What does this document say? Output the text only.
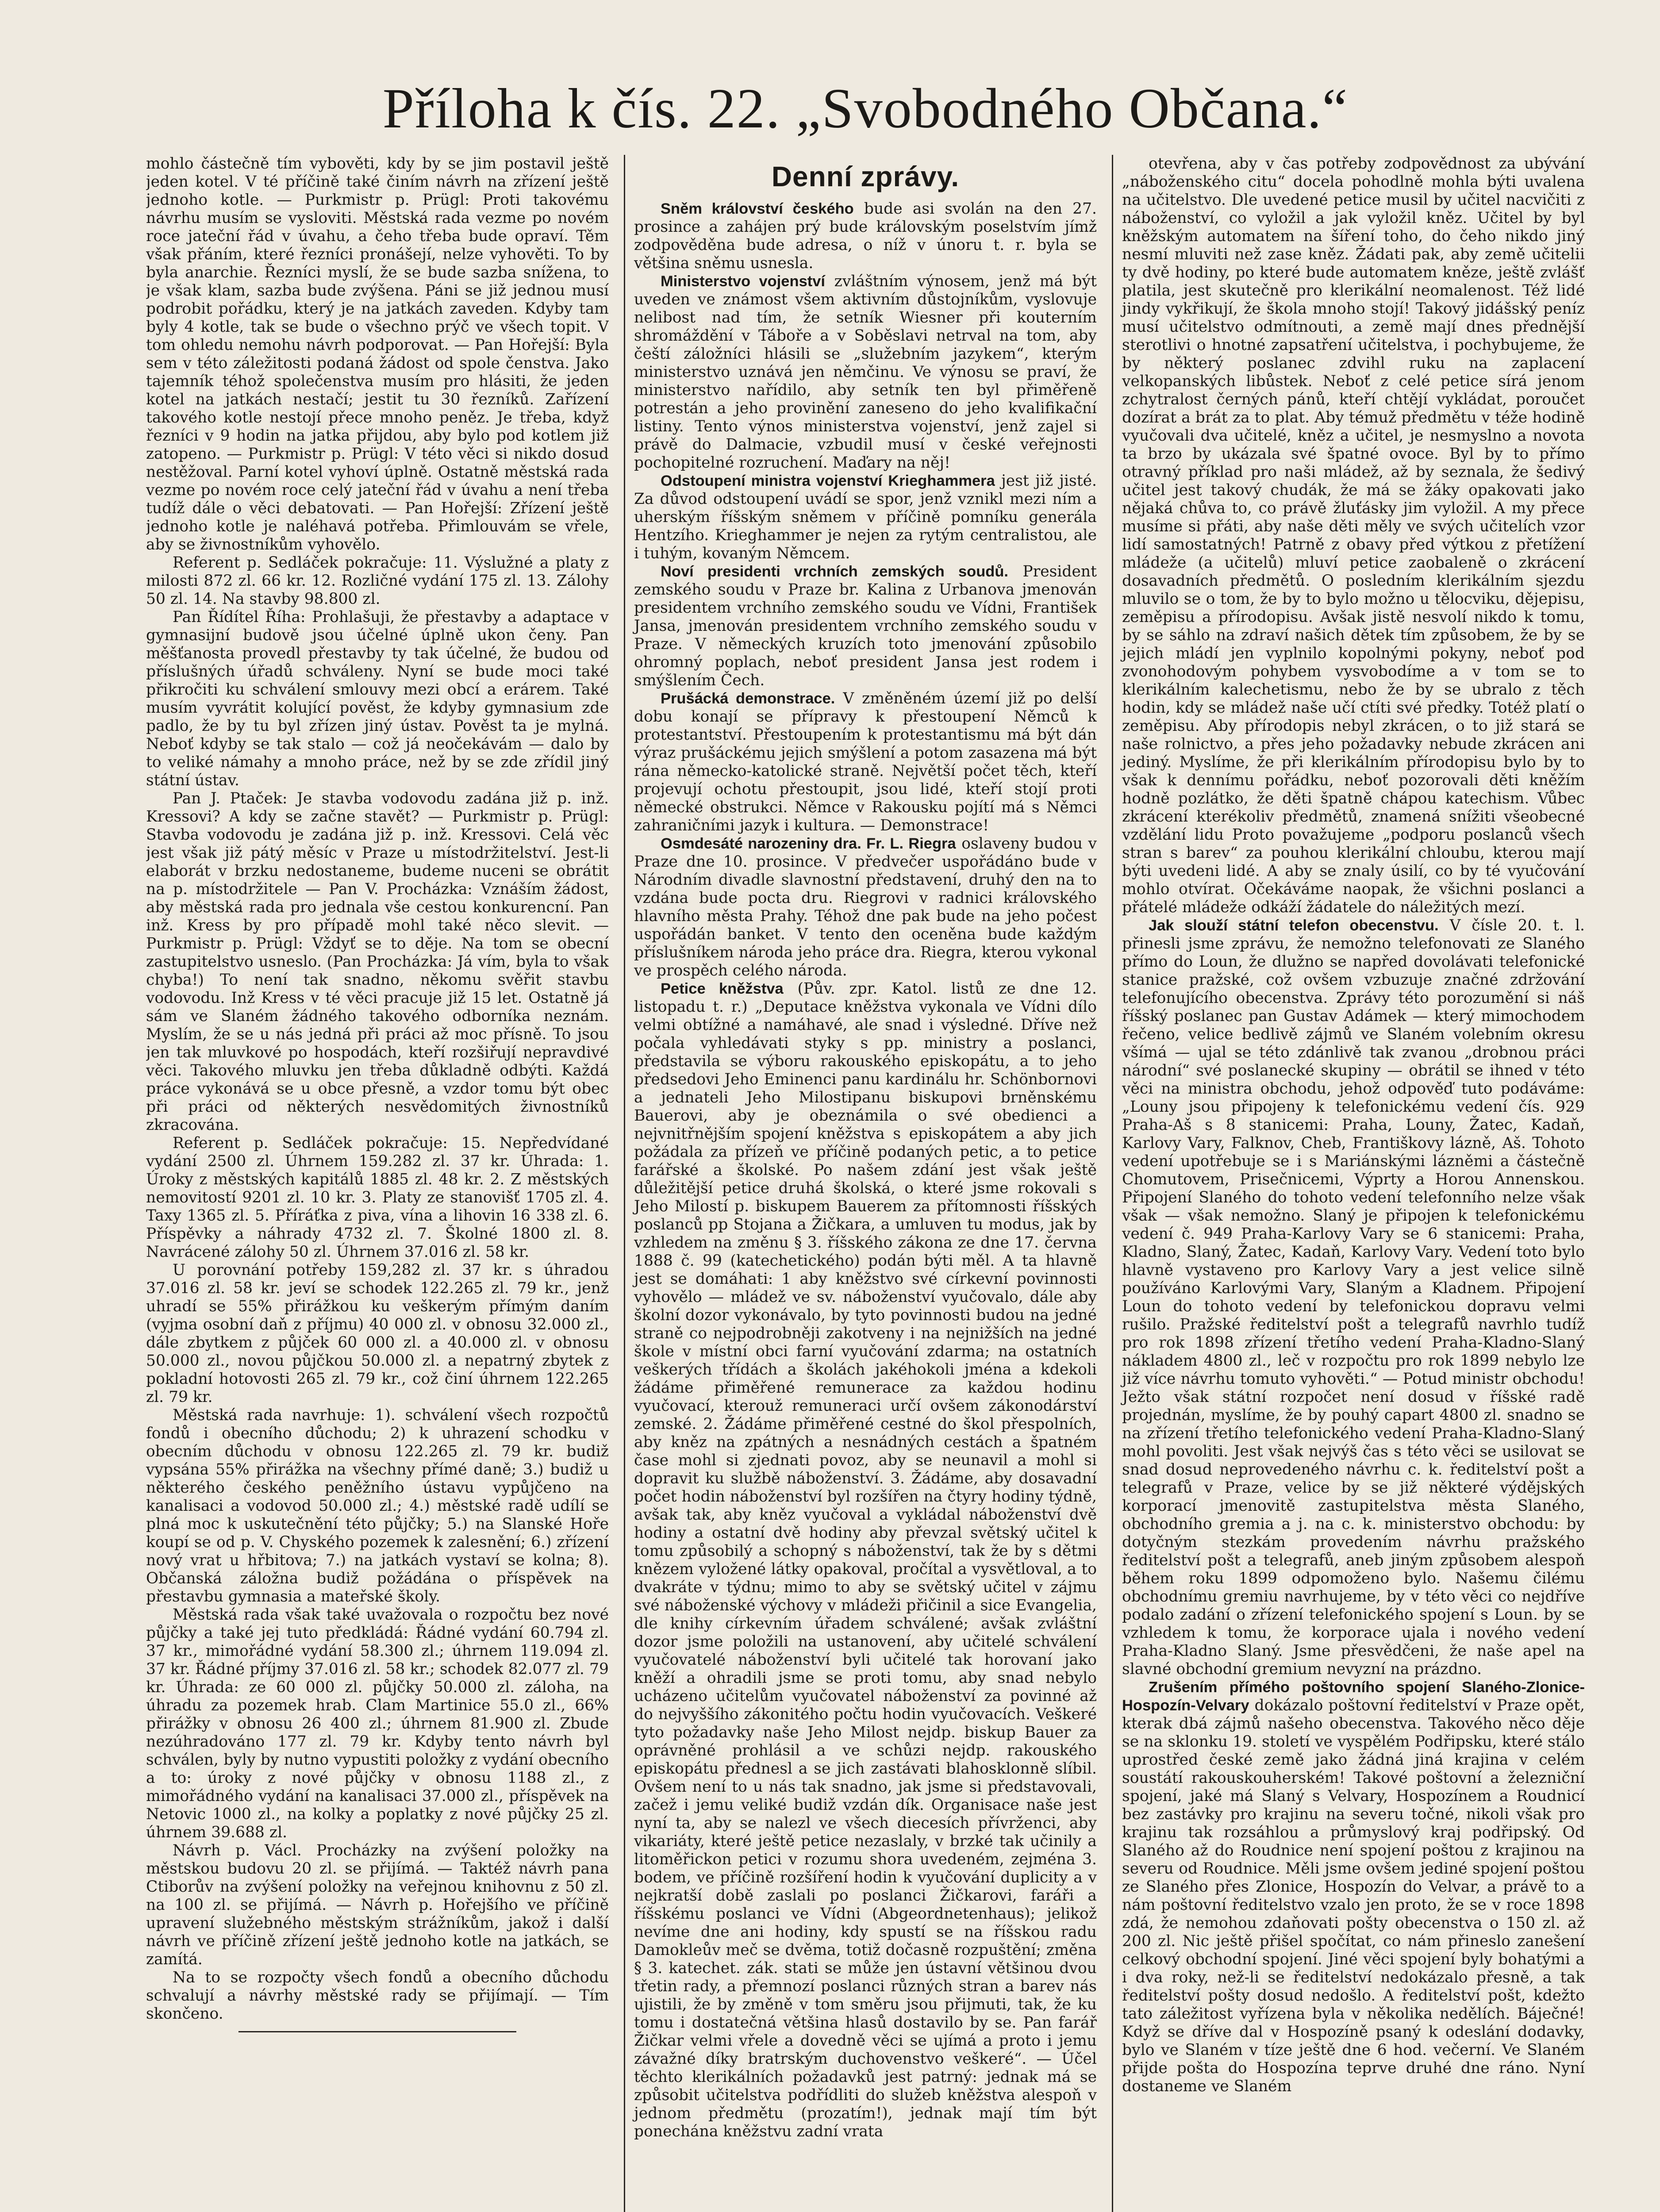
Příloha k čís. 22. „Svobodného Občana.“

mohlo částečně tím vybověti, kdy by se jim postavil ještě jeden kotel. V té příčině také činím návrh na zřízení ještě jednoho kotle. — Purkmistr p. Prügl: Proti takovému návrhu musím se vysloviti. Městská rada vezme po novém roce jateční řád v úvahu, a čeho třeba bude opraví. Těm však přáním, které řezníci pronášejí, nelze vyhověti. To by byla anarchie. Řezníci myslí, že se bude sazba snížena, to je však klam, sazba bude zvýšena. Páni se již jednou musí podrobit pořádku, který je na jatkách zaveden. Kdyby tam byly 4 kotle, tak se bude o všechno prýč ve všech topit. V tom ohledu nemohu návrh podporovat. — Pan Hořejší: Byla sem v této záležitosti podaná žádost od spole čenstva. Jako tajemník téhož společenstva musím pro hlásiti, že jeden kotel na jatkách nestačí; jestit tu 30 řezníků. Zařízení takového kotle nestojí přece mnoho peněz. Je třeba, když řezníci v 9 hodin na jatka přijdou, aby bylo pod kotlem již zatopeno. — Purkmistr p. Prügl: V této věci si nikdo dosud nestěžoval. Parní kotel vyhoví úplně. Ostatně městská rada vezme po novém roce celý jateční řád v úvahu a není třeba tudíž dále o věci debatovati. — Pan Hořejší: Zřízení ještě jednoho kotle je naléhavá potřeba. Přimlouvám se vřele, aby se živnostníkům vyhovělo.

Referent p. Sedláček pokračuje: 11. Výslužné a platy z milosti 872 zl. 66 kr. 12. Rozličné vydání 175 zl. 13. Zálohy 50 zl. 14. Na stavby 98.800 zl.

Pan Řídítel Říha: Prohlašuji, že přestavby a adaptace v gymnasijní budově jsou účelné úplně ukon čeny. Pan měšťanosta provedl přestavby ty tak účelné, že budou od příslušných úřadů schváleny. Nyní se bude moci také přikročiti ku schválení smlouvy mezi obcí a erárem. Také musím vyvrátit kolující pověst, že kdyby gymnasium zde padlo, že by tu byl zřízen jiný ústav. Pověst ta je mylná. Neboť kdyby se tak stalo — což já neočekávám — dalo by to veliké námahy a mnoho práce, než by se zde zřídil jiný státní ústav.

Pan J. Ptaček: Je stavba vodovodu zadána již p. inž. Kressovi? A kdy se začne stavět? — Purkmistr p. Prügl: Stavba vodovodu je zadána již p. inž. Kressovi. Celá věc jest však již pátý měsíc v Praze u místodržitelství. Jest-li elaborát v brzku nedostaneme, budeme nuceni se obrátit na p. místodržitele — Pan V. Procházka: Vznáším žádost, aby městská rada pro jednala vše cestou konkurencní. Pan inž. Kress by pro případě mohl také něco slevit. — Purkmistr p. Prügl: Vždyť se to děje. Na tom se obecní zastupitelstvo usneslo. (Pan Procházka: Já vím, byla to však chyba!) To není tak snadno, někomu svěřit stavbu vodovodu. Inž Kress v té věci pracuje již 15 let. Ostatně já sám ve Slaném žádného takového odborníka neznám. Myslím, že se u nás jedná při práci až moc přísně. To jsou jen tak mluvkové po hospodách, kteří rozšiřují nepravdivé věci. Takového mluvku jen třeba důkladně odbýti. Každá práce vykonává se u obce přesně, a vzdor tomu být obec při práci od některých nesvědomitých živnostníků zkracována.

Referent p. Sedláček pokračuje: 15. Nepředvídané vydání 2500 zl. Úhrnem 159.282 zl. 37 kr. Úhrada: 1. Úroky z městských kapitálů 1885 zl. 48 kr. 2. Z městských nemovitostí 9201 zl. 10 kr. 3. Platy ze stanovišť 1705 zl. 4. Taxy 1365 zl. 5. Příráťka z piva, vína a lihovin 16 338 zl. 6. Příspěvky a náhrady 4732 zl. 7. Školné 1800 zl. 8. Navrácené zálohy 50 zl. Úhrnem 37.016 zl. 58 kr.

U porovnání potřeby 159,282 zl. 37 kr. s úhradou 37.016 zl. 58 kr. jeví se schodek 122.265 zl. 79 kr., jenž uhradí se 55% přirážkou ku veškerým přímým daním (vyjma osobní daň z příjmu) 40 000 zl. v obnosu 32.000 zl., dále zbytkem z půjček 60 000 zl. a 40.000 zl. v obnosu 50.000 zl., novou půjčkou 50.000 zl. a nepatrný zbytek z pokladní hotovosti 265 zl. 79 kr., což činí úhrnem 122.265 zl. 79 kr.

Městská rada navrhuje: 1). schválení všech rozpočtů fondů i obecního důchodu; 2) k uhrazení schodku v obecním důchodu v obnosu 122.265 zl. 79 kr. budiž vypsána 55% přirážka na všechny přímé daně; 3.) budiž u některého českého peněžního ústavu vypůjčeno na kanalisaci a vodovod 50.000 zl.; 4.) městské radě udílí se plná moc k uskutečnění této půjčky; 5.) na Slanské Hoře koupí se od p. V. Chyského pozemek k zalesnění; 6.) zřízení nový vrat u hřbitova; 7.) na jatkách vystaví se kolna; 8). Občanská záložna budiž požádána o příspěvek na přestavbu gymnasia a mateřské školy.

Městská rada však také uvažovala o rozpočtu bez nové půjčky a také jej tuto předkládá: Řádné vydání 60.794 zl. 37 kr., mimořádné vydání 58.300 zl.; úhrnem 119.094 zl. 37 kr. Řádné příjmy 37.016 zl. 58 kr.; schodek 82.077 zl. 79 kr. Úhrada: ze 60 000 zl. půjčky 50.000 zl. záloha, na úhradu za pozemek hrab. Clam Martinice 55.0 zl., 66% přirážky v obnosu 26 400 zl.; úhrnem 81.900 zl. Zbude nezúhradováno 177 zl. 79 kr. Kdyby tento návrh byl schválen, byly by nutno vypustiti položky z vydání obecního a to: úroky z nové půjčky v obnosu 1188 zl., z mimořádného vydání na kanalisaci 37.000 zl., příspěvek na Netovic 1000 zl., na kolky a poplatky z nové půjčky 25 zl. úhrnem 39.688 zl.

Návrh p. Václ. Procházky na zvýšení položky na městskou budovu 20 zl. se přijímá. — Taktéž návrh pana Ctiborův na zvýšení položky na veřejnou knihovnu z 50 zl. na 100 zl. se přijímá. — Návrh p. Hořejšího ve příčině upravení služebného městským strážníkům, jakož i další návrh ve příčině zřízení ještě jednoho kotle na jatkách, se zamítá.

Na to se rozpočty všech fondů a obecního důchodu schvalují a návrhy městské rady se přijímají. — Tím skončeno.

Denní zprávy.

Sněm království českého bude asi svolán na den 27. prosince a zahájen prý bude královským poselstvím jímž zodpověděna bude adresa, o níž v únoru t. r. byla se většina sněmu usnesla.

Ministerstvo vojenství zvláštním výnosem, jenž má být uveden ve známost všem aktivním důstojníkům, vyslovuje nelibost nad tím, že setník Wiesner při kouterním shromáždění v Táboře a v Soběslavi netrval na tom, aby čeští záložníci hlásili se „služebním jazykem“, kterým ministerstvo uznává jen němčinu. Ve výnosu se praví, že ministerstvo nařídilo, aby setník ten byl přiměřeně potrestán a jeho provinění zaneseno do jeho kvalifikační listiny. Tento výnos ministerstva vojenství, jenž zajel si právě do Dalmacie, vzbudil musí v české veřejnosti pochopitelné rozruchení. Maďary na něj!

Odstoupení ministra vojenství Krieghammera jest již jisté. Za důvod odstoupení uvádí se spor, jenž vznikl mezi ním a uherským říšským sněmem v příčině pomníku generála Hentzího. Krieghammer je nejen za rytým centralistou, ale i tuhým, kovaným Němcem.

Noví presidenti vrchních zemských soudů. President zemského soudu v Praze br. Kalina z Urbanova jmenován presidentem vrchního zemského soudu ve Vídni, František Jansa, jmenován presidentem vrchního zemského soudu v Praze. V německých kruzích toto jmenování způsobilo ohromný poplach, neboť president Jansa jest rodem i smýšlením Čech.

Prušácká demonstrace. V změněném území již po delší dobu konají se přípravy k přestoupení Němců k protestantství. Přestoupením k protestantismu má být dán výraz prušáckému jejich smýšlení a potom zasazena má být rána německo-katolické straně. Největší počet těch, kteří projevují ochotu přestoupit, jsou lidé, kteří stojí proti německé obstrukci. Němce v Rakousku pojítí má s Němci zahraničními jazyk i kultura. — Demonstrace!

Osmdesáté narozeniny dra. Fr. L. Riegra oslaveny budou v Praze dne 10. prosince. V předvečer uspořádáno bude v Národním divadle slavnostní představení, druhý den na to vzdána bude pocta dru. Riegrovi v radnici královského hlavního města Prahy. Téhož dne pak bude na jeho počest uspořádán banket. V tento den oceněna bude každým příslušníkem národa jeho práce dra. Riegra, kterou vykonal ve prospěch celého národa.

Petice kněžstva (Pův. zpr. Katol. listů ze dne 12. listopadu t. r.) „Deputace kněžstva vykonala ve Vídni dílo velmi obtížné a namáhavé, ale snad i výsledné. Dříve než počala vyhledávati styky s pp. ministry a poslanci, představila se výboru rakouského episkopátu, a to jeho předsedovi Jeho Eminenci panu kardinálu hr. Schönbornovi a jednateli Jeho Milostipanu biskupovi brněnskému Bauerovi, aby je obeznámila o své obedienci a nejvnitřnějším spojení kněžstva s episkopátem a aby jich požádala za přízeň ve příčině podaných petic, a to petice farářské a školské. Po našem zdání jest však ještě důležitější petice druhá školská, o které jsme rokovali s Jeho Milostí p. biskupem Bauerem za přítomnosti říšských poslanců pp Stojana a Žičkara, a umluven tu modus, jak by vzhledem na změnu § 3. říšského zákona ze dne 17. června 1888 č. 99 (katechetického) podán býti měl. A ta hlavně jest se domáhati: 1 aby kněžstvo své církevní povinnosti vyhovělo — mládež ve sv. náboženství vyučovalo, dále aby školní dozor vykonávalo, by tyto povinnosti budou na jedné straně co nejpodrobněji zakotveny i na nejnižších na jedné škole v místní obci farní vyučování zdarma; na ostatních veškerých třídách a školách jakéhokoli jména a kdekoli žádáme přiměřené remunerace za každou hodinu vyučovací, kterouž remuneraci určí ovšem zákonodárství zemské. 2. Žádáme přiměřené cestné do škol přespolních, aby kněz na zpátných a nesnádných cestách a špatném čase mohl si zjednati povoz, aby se neunavil a mohl si dopravit ku službě náboženství. 3. Žádáme, aby dosavadní počet hodin náboženství byl rozšířen na čtyry hodiny týdně, avšak tak, aby kněz vyučoval a vykládal náboženství dvě hodiny a ostatní dvě hodiny aby převzal světský učitel k tomu způsobilý a schopný s náboženství, tak že by s dětmi knězem vyložené látky opakoval, pročítal a vysvětloval, a to dvakráte v týdnu; mimo to aby se světský učitel v zájmu své náboženské výchovy v mládeži přičinil a sice Evangelia, dle knihy církevním úřadem schválené; avšak zvláštní dozor jsme položili na ustanovení, aby učitelé schválení vyučovatelé náboženství byli učitelé tak horovaní jako kněží a ohradili jsme se proti tomu, aby snad nebylo ucházeno učitelům vyučovatel náboženství za povinné až do nejvyššího zákonitého počtu hodin vyučovacích. Veškeré tyto požadavky naše Jeho Milost nejdp. biskup Bauer za oprávněné prohlásil a ve schůzi nejdp. rakouského episkopátu přednesl a se jich zastávati blahosklonně slíbil. Ovšem není to u nás tak snadno, jak jsme si představovali, začež i jemu veliké budiž vzdán dík. Organisace naše jest nyní ta, aby se nalezl ve všech diecesích přívrženci, aby vikariáty, které ještě petice nezaslaly, v brzké tak učinily a litoměřickon petici v rozumu shora uvedeném, zejména 3. bodem, ve příčině rozšíření hodin k vyučování duplicity a v nejkratší době zaslali po poslanci Žičkarovi, faráři a říšskému poslanci ve Vídni (Abgeordnetenhaus); jelikož nevíme dne ani hodiny, kdy spustí se na říšskou radu Damokleův meč se dvěma, totiž dočasně rozpuštění; změna § 3. katechet. zák. stati se může jen ústavní většinou dvou třetin rady, a přemnozí poslanci různých stran a barev nás ujistili, že by změně v tom směru jsou přijmuti, tak, že ku tomu i dostatečná většina hlasů dostavilo by se. Pan farář Žičkar velmi vřele a dovedně věci se ujímá a proto i jemu závažné díky bratrským duchovenstvo veškeré“. — Účel těchto klerikálních požadavků jest patrný: jednak má se způsobit učitelstva podřídliti do služeb kněžstva alespoň v jednom předmětu (prozatím!), jednak mají tím být ponechána kněžstvu zadní vrata

otevřena, aby v čas potřeby zodpovědnost za ubývání „náboženského citu“ docela pohodlně mohla býti uvalena na učitelstvo. Dle uvedené petice musil by učitel nacvičiti z náboženství, co vyložil a jak vyložil kněz. Učitel by byl kněžským automatem na šíření toho, do čeho nikdo jiný nesmí mluviti než zase kněz. Žádati pak, aby země učitelii ty dvě hodiny, po které bude automatem kněze, ještě zvlášť platila, jest skutečně pro klerikální neomalenost. Též lidé jindy vykřikují, že škola mnoho stojí! Takový jidášský peníz musí učitelstvo odmítnouti, a země mají dnes přednější sterotlivi o hnotné zapsatření učitelstva, i pochybujeme, že by některý poslanec zdvihl ruku na zaplacení velkopanských libůstek. Neboť z celé petice sírá jenom zchytralost černých pánů, kteří chtějí vykládat, poroučet dozírat a brát za to plat. Aby témuž předmětu v téže hodině vyučovali dva učitelé, kněz a učitel, je nesmyslno a novota ta brzo by ukázala své špatné ovoce. Byl by to přímo otravný příklad pro naši mládež, až by seznala, že šedivý učitel jest takový chudák, že má se žáky opakovati jako nějaká chůva to, co právě žluťásky jim vyložil. A my přece musíme si přáti, aby naše děti měly ve svých učitelích vzor lidí samostatných! Patrně z obavy před výtkou z přetížení mládeže (a učitelů) mluví petice zaobaleně o zkrácení dosavadních předmětů. O posledním klerikálním sjezdu mluvilo se o tom, že by to bylo možno u tělocviku, dějepisu, zeměpisu a přírodopisu. Avšak jistě nesvolí nikdo k tomu, by se sáhlo na zdraví našich dětek tím způsobem, že by se jejich mládí jen vyplnilo kopolnými pokyny, neboť pod zvonohodovým pohybem vysvobodíme a v tom se to klerikálním kalechetismu, nebo že by se ubralo z těch hodin, kdy se mládež naše učí ctíti své předky. Totéž platí o zeměpisu. Aby přírodopis nebyl zkrácen, o to již stará se naše rolnictvo, a přes jeho požadavky nebude zkrácen ani jediný. Myslíme, že při klerikálním přírodopisu bylo by to však k dennímu pořádku, neboť pozorovali děti kněžím hodně pozlátko, že děti špatně chápou katechism. Vůbec zkrácení kterékoliv předmětů, znamená snížiti všeobecné vzdělání lidu Proto považujeme „podporu poslanců všech stran s barev“ za pouhou klerikální chloubu, kterou mají býti uvedeni lidé. A aby se znaly úsilí, co by té vyučování mohlo otvírat. Očekáváme naopak, že všichni poslanci a přátelé mládeže odkáží žádatele do náležitých mezí.

Jak slouží státní telefon obecenstvu. V čísle 20. t. l. přinesli jsme zprávu, že nemožno telefonovati ze Slaného přímo do Loun, že dlužno se napřed dovolávati telefonické stanice pražské, což ovšem vzbuzuje značné zdržování telefonujícího obecenstva. Zprávy této porozumění si náš říšský poslanec pan Gustav Adámek — který mimochodem řečeno, velice bedlivě zájmů ve Slaném volebním okresu všímá — ujal se této zdánlivě tak zvanou „drobnou práci národní“ své poslanecké skupiny — obrátil se ihned v této věci na ministra obchodu, jehož odpověď tuto podáváme: „Louny jsou připojeny k telefonickému vedení čís. 929 Praha-Aš s 8 stanicemi: Praha, Louny, Žatec, Kadaň, Karlovy Vary, Falknov, Cheb, Františkovy lázně, Aš. Tohoto vedení upotřebuje se i s Mariánskými lázněmi a částečně Chomutovem, Prisečnicemi, Výprty a Horou Annenskou. Připojení Slaného do tohoto vedení telefonního nelze však však — však nemožno. Slaný je připojen k telefonickému vedení č. 949 Praha-Karlovy Vary se 6 stanicemi: Praha, Kladno, Slaný, Žatec, Kadaň, Karlovy Vary. Vedení toto bylo hlavně vystaveno pro Karlovy Vary a jest velice silně používáno Karlovými Vary, Slaným a Kladnem. Připojení Loun do tohoto vedení by telefonickou dopravu velmi rušilo. Pražské ředitelství pošt a telegrafů navrhlo tudíž pro rok 1898 zřízení třetího vedení Praha-Kladno-Slaný nákladem 4800 zl., leč v rozpočtu pro rok 1899 nebylo lze již více návrhu tomuto vyhověti.“ — Potud ministr obchodu! Ježto však státní rozpočet není dosud v říšské radě projednán, myslíme, že by pouhý capart 4800 zl. snadno se na zřízení třetího telefonického vedení Praha-Kladno-Slaný mohl povoliti. Jest však nejvýš čas s této věci se usilovat se snad dosud neprovedeného návrhu c. k. ředitelství pošt a telegrafů v Praze, velice by se již některé výdějských korporací jmenovitě zastupitelstva města Slaného, obchodního gremia a j. na c. k. ministerstvo obchodu: by dotyčným stezkám provedením návrhu pražského ředitelství pošt a telegrafů, aneb jiným způsobem alespoň během roku 1899 odpomoženo bylo. Našemu čilému obchodnímu gremiu navrhujeme, by v této věci co nejdříve podalo zadání o zřízení telefonického spojení s Loun. by se vzhledem k tomu, že korporace ujala i nového vedení Praha-Kladno Slaný. Jsme přesvědčeni, že naše apel na slavné obchodní gremium nevyzní na prázdno.

Zrušením přímého poštovního spojení Slaného-Zlonice-Hospozín-Velvary dokázalo poštovní ředitelství v Praze opět, kterak dbá zájmů našeho obecenstva. Takového něco děje se na sklonku 19. století ve vyspělém Podřipsku, které stálo uprostřed české země jako žádná jiná krajina v celém soustátí rakouskouherském! Takové poštovní a železniční spojení, jaké má Slaný s Velvary, Hospozínem a Roudnicí bez zastávky pro krajinu na severu točné, nikoli však pro krajinu tak rozsáhlou a průmyslový kraj podřipský. Od Slaného až do Roudnice není spojení poštou z krajinou na severu od Roudnice. Měli jsme ovšem jediné spojení poštou ze Slaného přes Zlonice, Hospozín do Velvar, a právě to a nám poštovní ředitelstvo vzalo jen proto, že se v roce 1898 zdá, že nemohou zdaňovati pošty obecenstva o 150 zl. až 200 zl. Nic ještě přišel spočítat, co nám přineslo zanešení celkový obchodní spojení. Jiné věci spojení byly bohatými a i dva roky, než-li se ředitelství nedokázalo přesně, a tak ředitelství pošty dosud nedošlo. A ředitelství pošt, kdežto tato záležitost vyřízena byla v několika nedělích. Báječné! Když se dříve dal v Hospozíně psaný k odeslání dodavky, bylo ve Slaném v tíze ještě dne 6 hod. večerní. Ve Slaném přijde pošta do Hospozína teprve druhé dne ráno. Nyní dostaneme ve Slaném
